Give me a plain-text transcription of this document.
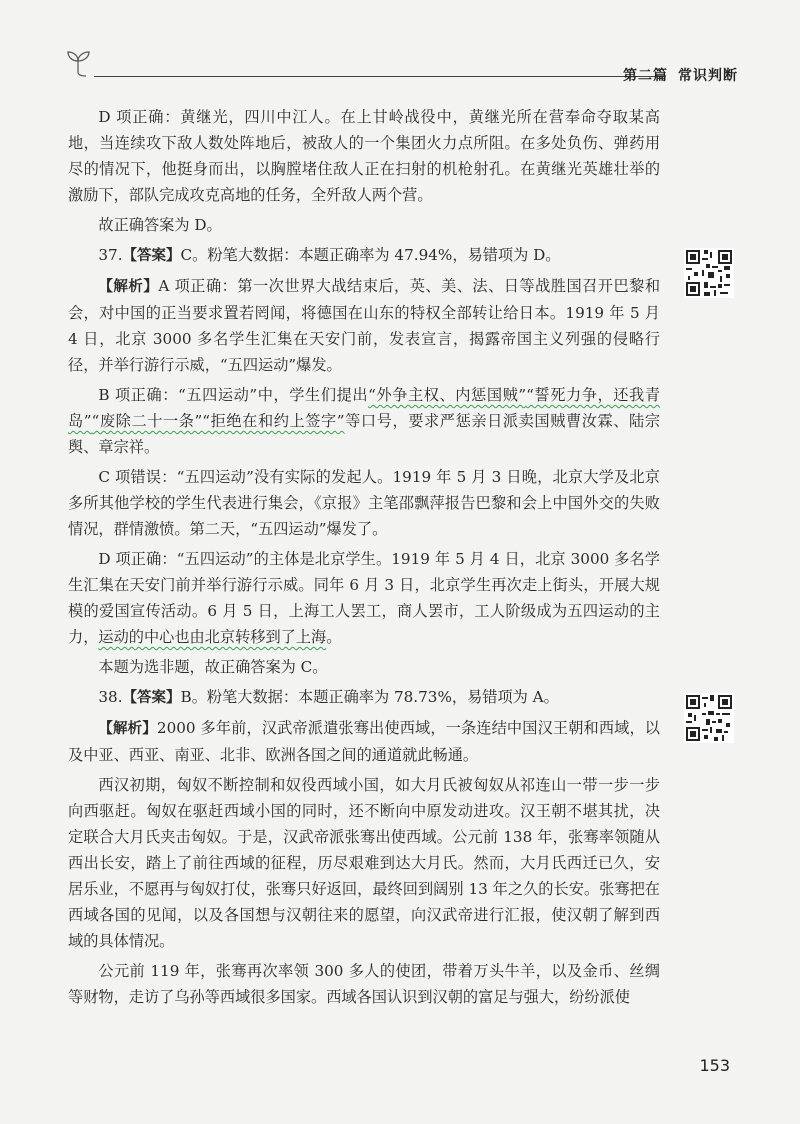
第二篇 常识判断

D 项正确：黄继光，四川中江人。在上甘岭战役中，黄继光所在营奉命夺取某高地，当连续攻下敌人数处阵地后，被敌人的一个集团火力点所阻。在多处负伤、弹药用尽的情况下，他挺身而出，以胸膛堵住敌人正在扫射的机枪射孔。在黄继光英雄壮举的激励下，部队完成攻克高地的任务，全歼敌人两个营。

故正确答案为 D。

37.【答案】C。粉笔大数据：本题正确率为 47.94%，易错项为 D。

【解析】A 项正确：第一次世界大战结束后，英、美、法、日等战胜国召开巴黎和会，对中国的正当要求置若罔闻，将德国在山东的特权全部转让给日本。1919 年 5 月 4 日，北京 3000 多名学生汇集在天安门前，发表宣言，揭露帝国主义列强的侵略行径，并举行游行示威，“五四运动”爆发。

B 项正确：“五四运动”中，学生们提出“外争主权、内惩国贼”“誓死力争，还我青岛”“废除二十一条”“拒绝在和约上签字”等口号，要求严惩亲日派卖国贼曹汝霖、陆宗舆、章宗祥。

C 项错误：“五四运动”没有实际的发起人。1919 年 5 月 3 日晚，北京大学及北京多所其他学校的学生代表进行集会，《京报》主笔邵飘萍报告巴黎和会上中国外交的失败情况，群情激愤。第二天，“五四运动”爆发了。

D 项正确：“五四运动”的主体是北京学生。1919 年 5 月 4 日，北京 3000 多名学生汇集在天安门前并举行游行示威。同年 6 月 3 日，北京学生再次走上街头，开展大规模的爱国宣传活动。6 月 5 日，上海工人罢工，商人罢市，工人阶级成为五四运动的主力，运动的中心也由北京转移到了上海。

本题为选非题，故正确答案为 C。

38.【答案】B。粉笔大数据：本题正确率为 78.73%，易错项为 A。

【解析】2000 多年前，汉武帝派遣张骞出使西域，一条连结中国汉王朝和西域，以及中亚、西亚、南亚、北非、欧洲各国之间的通道就此畅通。

西汉初期，匈奴不断控制和奴役西域小国，如大月氏被匈奴从祁连山一带一步一步向西驱赶。匈奴在驱赶西域小国的同时，还不断向中原发动进攻。汉王朝不堪其扰，决定联合大月氏夹击匈奴。于是，汉武帝派张骞出使西域。公元前 138 年，张骞率领随从西出长安，踏上了前往西域的征程，历尽艰难到达大月氏。然而，大月氏西迁已久，安居乐业，不愿再与匈奴打仗，张骞只好返回，最终回到阔别 13 年之久的长安。张骞把在西域各国的见闻，以及各国想与汉朝往来的愿望，向汉武帝进行汇报，使汉朝了解到西域的具体情况。

公元前 119 年，张骞再次率领 300 多人的使团，带着万头牛羊，以及金币、丝绸等财物，走访了乌孙等西域很多国家。西域各国认识到汉朝的富足与强大，纷纷派使

153
